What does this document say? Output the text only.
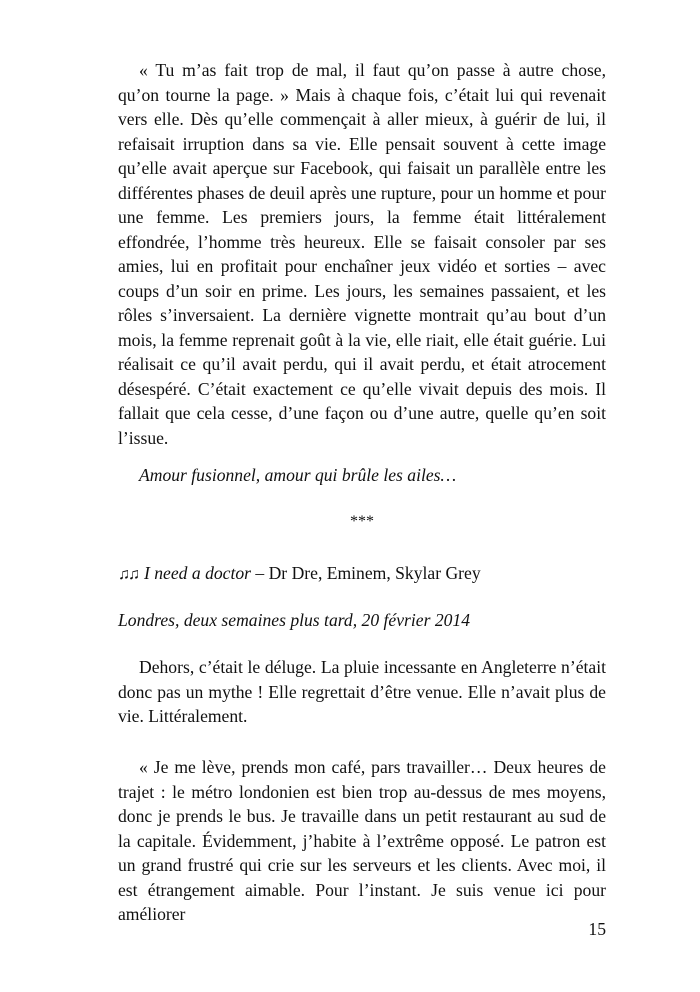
« Tu m’as fait trop de mal, il faut qu’on passe à autre chose, qu’on tourne la page. » Mais à chaque fois, c’était lui qui revenait vers elle. Dès qu’elle commençait à aller mieux, à guérir de lui, il refaisait irruption dans sa vie. Elle pensait souvent à cette image qu’elle avait aperçue sur Facebook, qui faisait un parallèle entre les différentes phases de deuil après une rupture, pour un homme et pour une femme. Les premiers jours, la femme était littéralement effondrée, l’homme très heureux. Elle se faisait consoler par ses amies, lui en profitait pour enchaîner jeux vidéo et sorties – avec coups d’un soir en prime. Les jours, les semaines passaient, et les rôles s’inversaient. La dernière vignette montrait qu’au bout d’un mois, la femme reprenait goût à la vie, elle riait, elle était guérie. Lui réalisait ce qu’il avait perdu, qui il avait perdu, et était atrocement désespéré. C’était exactement ce qu’elle vivait depuis des mois. Il fallait que cela cesse, d’une façon ou d’une autre, quelle qu’en soit l’issue.

Amour fusionnel, amour qui brûle les ailes…

***
♫♫ I need a doctor – Dr Dre, Eminem, Skylar Grey
Londres, deux semaines plus tard, 20 février 2014

Dehors, c’était le déluge. La pluie incessante en Angleterre n’était donc pas un mythe ! Elle regrettait d’être venue. Elle n’avait plus de vie. Littéralement.

« Je me lève, prends mon café, pars travailler… Deux heures de trajet : le métro londonien est bien trop au-dessus de mes moyens, donc je prends le bus. Je travaille dans un petit restaurant au sud de la capitale. Évidemment, j’habite à l’extrême opposé. Le patron est un grand frustré qui crie sur les serveurs et les clients. Avec moi, il est étrangement aimable. Pour l’instant. Je suis venue ici pour améliorer

15
